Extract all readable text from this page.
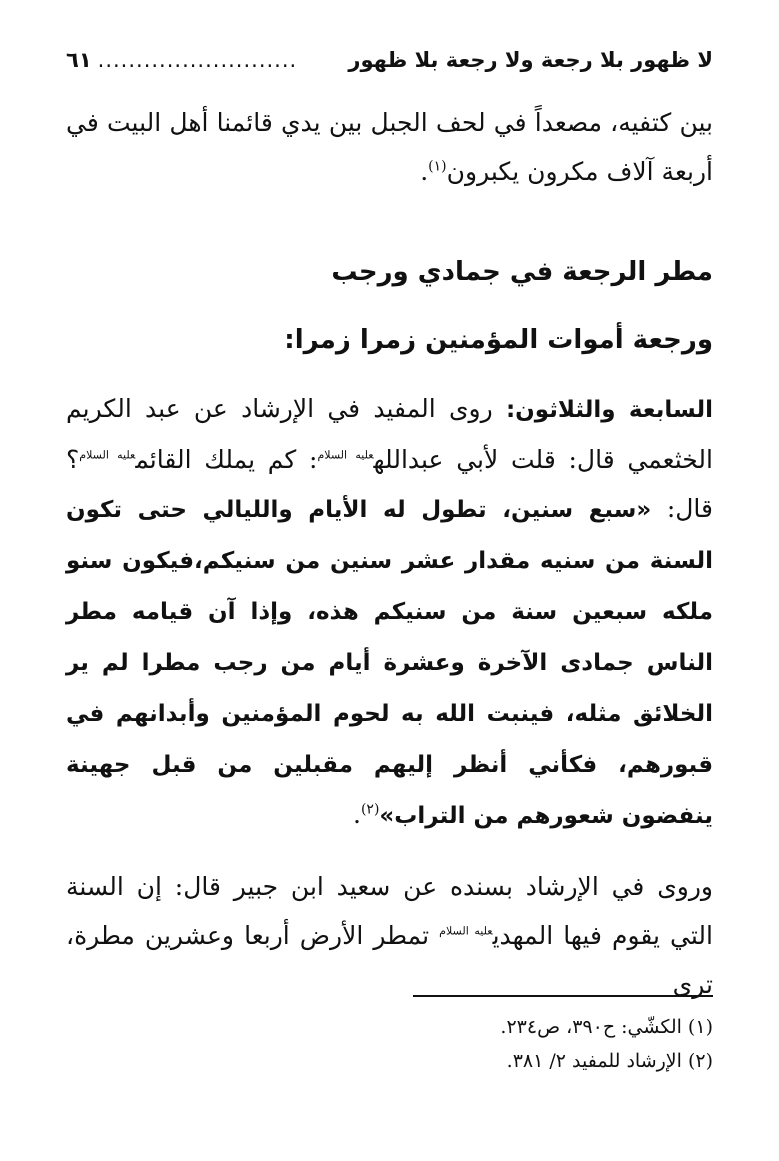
لا ظهور بلا رجعة ولا رجعة بلا ظهور
..........................
٦١
بين كتفيه، مصعداً في لحف الجبل بين يدي قائمنا أهل البيت في أربعة آلاف مكرون يكبرون$^{(١)}$.
مطر الرجعة في جمادي ورجب
ورجعة أموات المؤمنين زمرا زمرا:
السابعة والثلاثون: روى المفيد في الإرشاد عن عبد الكريم الخثعمي قال: قلت لأبي عبدالله$^{عليه السلام}$: كم يملك القائم$^{عليه السلام}$؟ قال: «سبع سنين، تطول له الأيام والليالي حتى تكون السنة من سنيه مقدار عشر سنين من سنيكم،فيكون سنو ملكه سبعين سنة من سنيكم هذه، وإذا آن قيامه مطر الناس جمادى الآخرة وعشرة أيام من رجب مطرا لم ير الخلائق مثله، فينبت الله به لحوم المؤمنين وأبدانهم في قبورهم، فكأني أنظر إليهم مقبلين من قبل جهينة ينفضون شعورهم من التراب»$^{(٢)}$.
وروى في الإرشاد بسنده عن سعيد ابن جبير قال: إن السنة التي يقوم فيها المهدي$^{عليه السلام}$ تمطر الأرض أربعا وعشرين مطرة، ترى
(١) الكشّي: ح٣٩٠، ص٢٣٤.
(٢) الإرشاد للمفيد ٢/ ٣٨١.
